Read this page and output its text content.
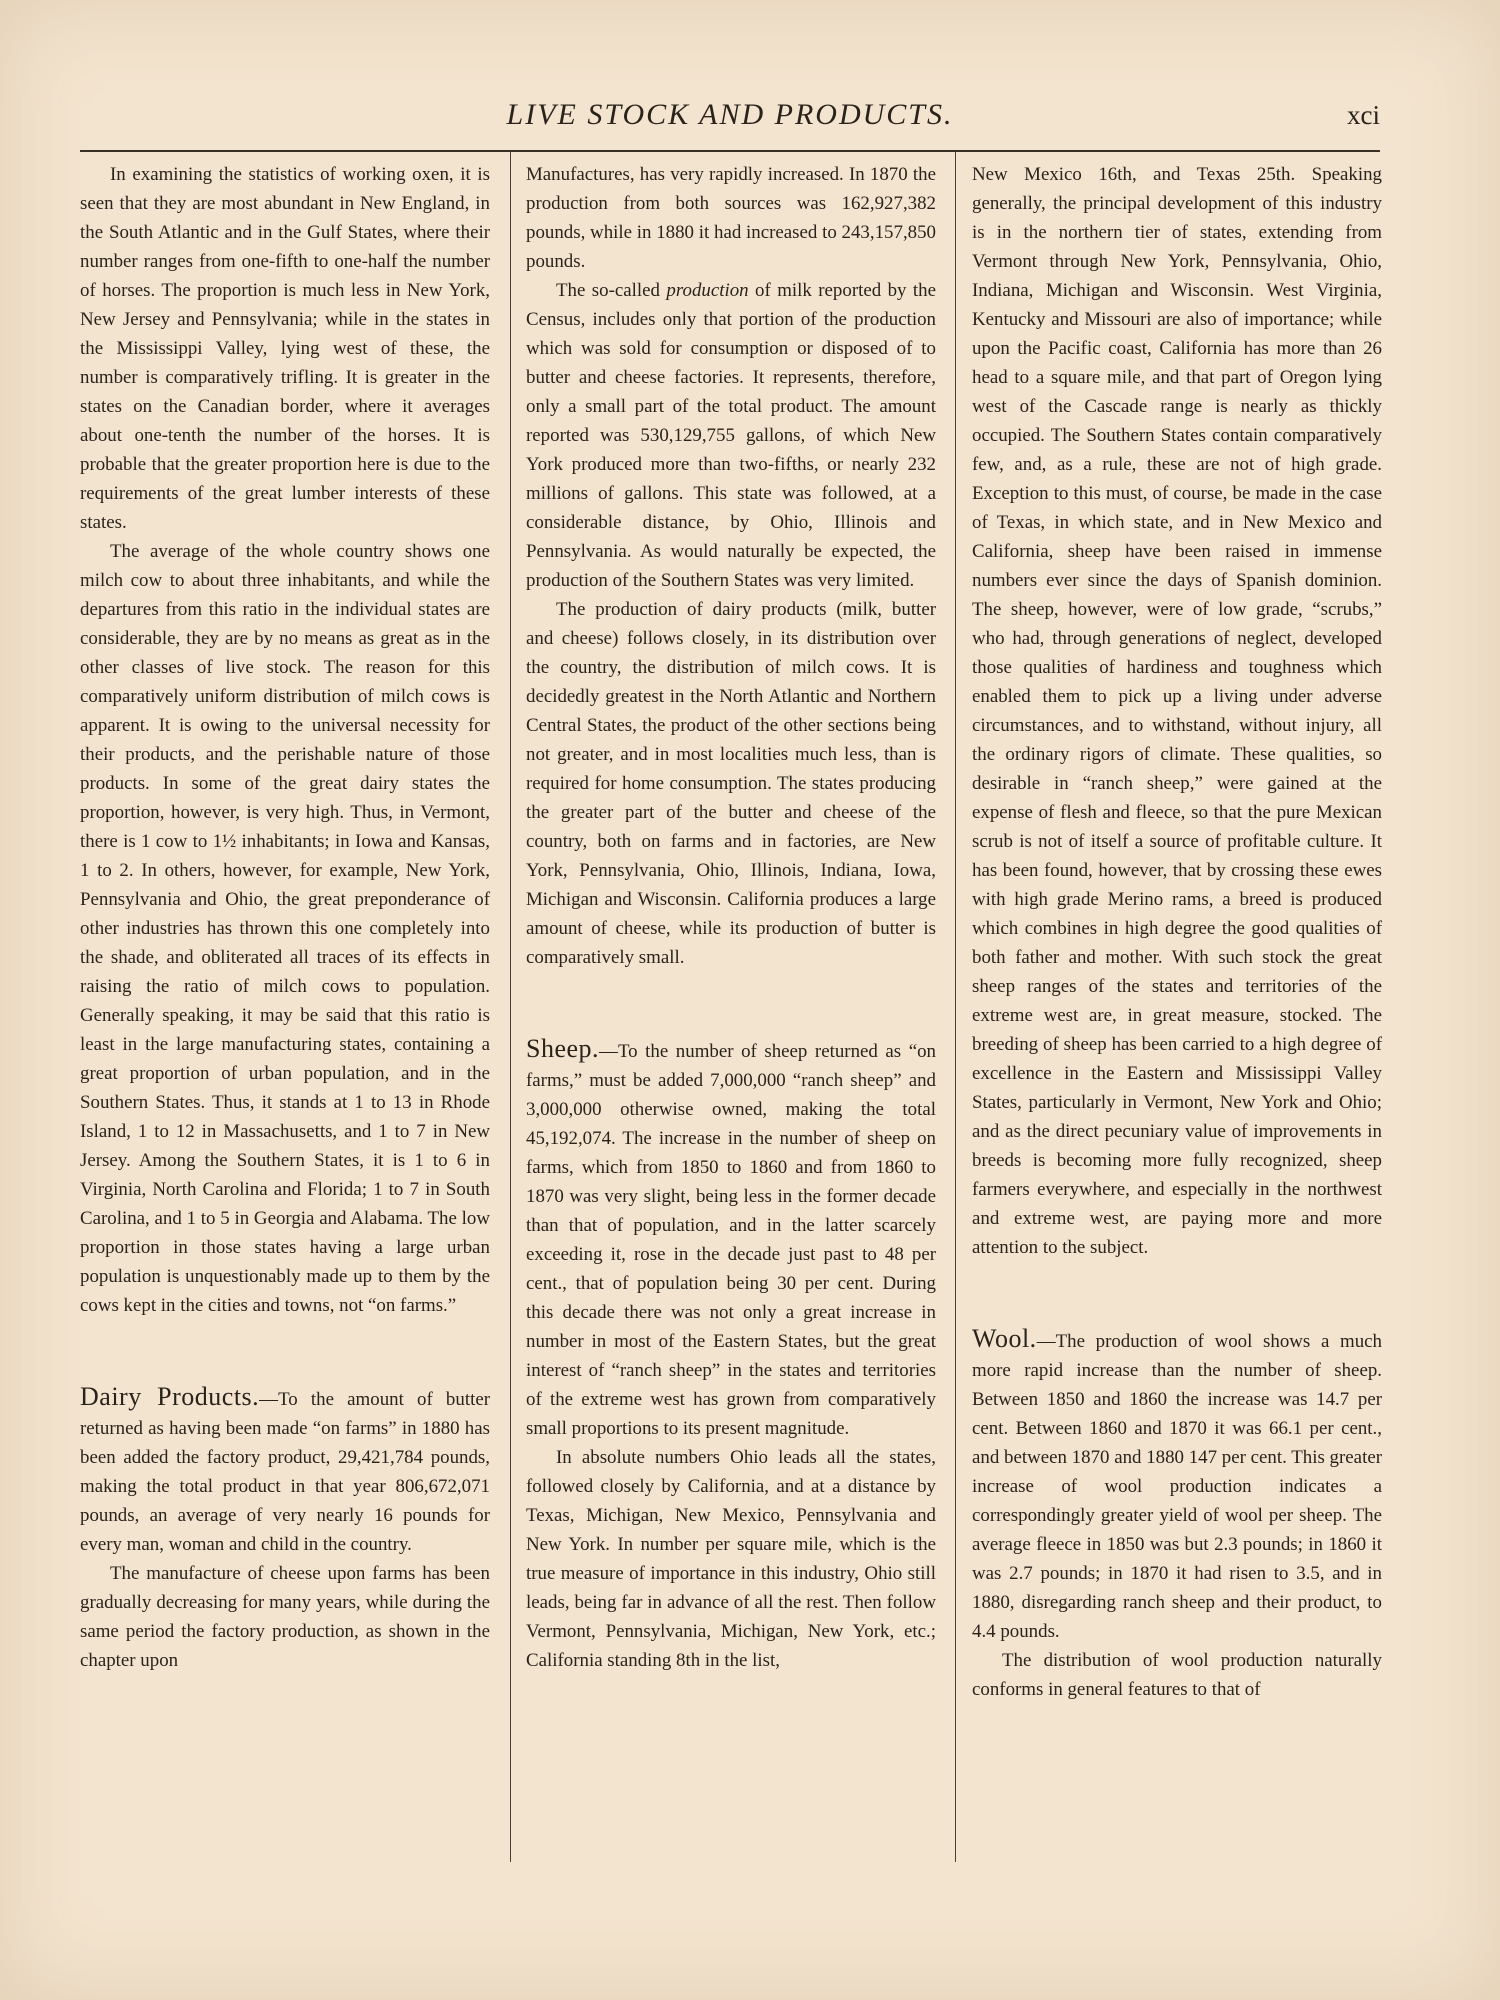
LIVE STOCK AND PRODUCTS.	xci

In examining the statistics of working oxen, it is seen that they are most abundant in New England, in the South Atlantic and in the Gulf States, where their number ranges from one-fifth to one-half the number of horses. The proportion is much less in New York, New Jersey and Pennsylvania; while in the states in the Mississippi Valley, lying west of these, the number is comparatively trifling. It is greater in the states on the Canadian border, where it averages about one-tenth the number of the horses. It is probable that the greater proportion here is due to the requirements of the great lumber interests of these states.

The average of the whole country shows one milch cow to about three inhabitants, and while the departures from this ratio in the individual states are considerable, they are by no means as great as in the other classes of live stock. The reason for this comparatively uniform distribution of milch cows is apparent. It is owing to the universal necessity for their products, and the perishable nature of those products. In some of the great dairy states the proportion, however, is very high. Thus, in Vermont, there is 1 cow to 1½ inhabitants; in Iowa and Kansas, 1 to 2. In others, however, for example, New York, Pennsylvania and Ohio, the great preponderance of other industries has thrown this one completely into the shade, and obliterated all traces of its effects in raising the ratio of milch cows to population. Generally speaking, it may be said that this ratio is least in the large manufacturing states, containing a great proportion of urban population, and in the Southern States. Thus, it stands at 1 to 13 in Rhode Island, 1 to 12 in Massachusetts, and 1 to 7 in New Jersey. Among the Southern States, it is 1 to 6 in Virginia, North Carolina and Florida; 1 to 7 in South Carolina, and 1 to 5 in Georgia and Alabama. The low proportion in those states having a large urban population is unquestionably made up to them by the cows kept in the cities and towns, not “on farms.”

Dairy Products.—To the amount of butter returned as having been made “on farms” in 1880 has been added the factory product, 29,421,784 pounds, making the total product in that year 806,672,071 pounds, an average of very nearly 16 pounds for every man, woman and child in the country.

The manufacture of cheese upon farms has been gradually decreasing for many years, while during the same period the factory production, as shown in the chapter upon

Manufactures, has very rapidly increased. In 1870 the production from both sources was 162,927,382 pounds, while in 1880 it had increased to 243,157,850 pounds.

The so-called production of milk reported by the Census, includes only that portion of the production which was sold for consumption or disposed of to butter and cheese factories. It represents, therefore, only a small part of the total product. The amount reported was 530,129,755 gallons, of which New York produced more than two-fifths, or nearly 232 millions of gallons. This state was followed, at a considerable distance, by Ohio, Illinois and Pennsylvania. As would naturally be expected, the production of the Southern States was very limited.

The production of dairy products (milk, butter and cheese) follows closely, in its distribution over the country, the distribution of milch cows. It is decidedly greatest in the North Atlantic and Northern Central States, the product of the other sections being not greater, and in most localities much less, than is required for home consumption. The states producing the greater part of the butter and cheese of the country, both on farms and in factories, are New York, Pennsylvania, Ohio, Illinois, Indiana, Iowa, Michigan and Wisconsin. California produces a large amount of cheese, while its production of butter is comparatively small.

Sheep.—To the number of sheep returned as “on farms,” must be added 7,000,000 “ranch sheep” and 3,000,000 otherwise owned, making the total 45,192,074. The increase in the number of sheep on farms, which from 1850 to 1860 and from 1860 to 1870 was very slight, being less in the former decade than that of population, and in the latter scarcely exceeding it, rose in the decade just past to 48 per cent., that of population being 30 per cent. During this decade there was not only a great increase in number in most of the Eastern States, but the great interest of “ranch sheep” in the states and territories of the extreme west has grown from comparatively small proportions to its present magnitude.

In absolute numbers Ohio leads all the states, followed closely by California, and at a distance by Texas, Michigan, New Mexico, Pennsylvania and New York. In number per square mile, which is the true measure of importance in this industry, Ohio still leads, being far in advance of all the rest. Then follow Vermont, Pennsylvania, Michigan, New York, etc.; California standing 8th in the list,

New Mexico 16th, and Texas 25th. Speaking generally, the principal development of this industry is in the northern tier of states, extending from Vermont through New York, Pennsylvania, Ohio, Indiana, Michigan and Wisconsin. West Virginia, Kentucky and Missouri are also of importance; while upon the Pacific coast, California has more than 26 head to a square mile, and that part of Oregon lying west of the Cascade range is nearly as thickly occupied. The Southern States contain comparatively few, and, as a rule, these are not of high grade. Exception to this must, of course, be made in the case of Texas, in which state, and in New Mexico and California, sheep have been raised in immense numbers ever since the days of Spanish dominion. The sheep, however, were of low grade, “scrubs,” who had, through generations of neglect, developed those qualities of hardiness and toughness which enabled them to pick up a living under adverse circumstances, and to withstand, without injury, all the ordinary rigors of climate. These qualities, so desirable in “ranch sheep,” were gained at the expense of flesh and fleece, so that the pure Mexican scrub is not of itself a source of profitable culture. It has been found, however, that by crossing these ewes with high grade Merino rams, a breed is produced which combines in high degree the good qualities of both father and mother. With such stock the great sheep ranges of the states and territories of the extreme west are, in great measure, stocked. The breeding of sheep has been carried to a high degree of excellence in the Eastern and Mississippi Valley States, particularly in Vermont, New York and Ohio; and as the direct pecuniary value of improvements in breeds is becoming more fully recognized, sheep farmers everywhere, and especially in the northwest and extreme west, are paying more and more attention to the subject.

Wool.—The production of wool shows a much more rapid increase than the number of sheep. Between 1850 and 1860 the increase was 14.7 per cent. Between 1860 and 1870 it was 66.1 per cent., and between 1870 and 1880 147 per cent. This greater increase of wool production indicates a correspondingly greater yield of wool per sheep. The average fleece in 1850 was but 2.3 pounds; in 1860 it was 2.7 pounds; in 1870 it had risen to 3.5, and in 1880, disregarding ranch sheep and their product, to 4.4 pounds.

The distribution of wool production naturally conforms in general features to that of
